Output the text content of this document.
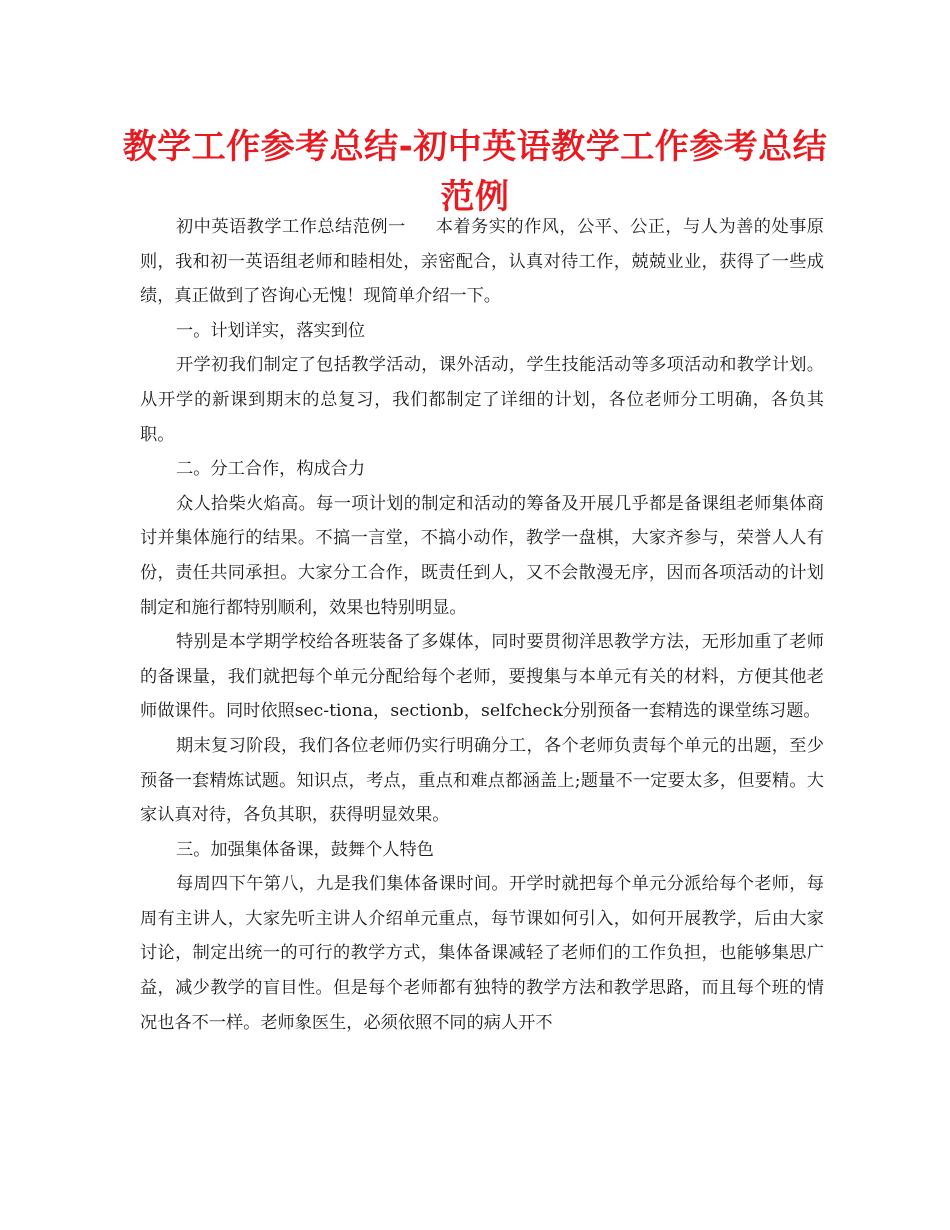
教学工作参考总结-初中英语教学工作参考总结范例

初中英语教学工作总结范例一 本着务实的作风，公平、公正，与人为善的处事原则，我和初一英语组老师和睦相处，亲密配合，认真对待工作，兢兢业业，获得了一些成绩，真正做到了咨询心无愧！现简单介绍一下。

一。计划详实，落实到位

开学初我们制定了包括教学活动，课外活动，学生技能活动等多项活动和教学计划。从开学的新课到期末的总复习，我们都制定了详细的计划，各位老师分工明确，各负其职。

二。分工合作，构成合力

众人拾柴火焰高。每一项计划的制定和活动的筹备及开展几乎都是备课组老师集体商讨并集体施行的结果。不搞一言堂，不搞小动作，教学一盘棋，大家齐参与，荣誉人人有份，责任共同承担。大家分工合作，既责任到人，又不会散漫无序，因而各项活动的计划制定和施行都特别顺利，效果也特别明显。

特别是本学期学校给各班装备了多媒体，同时要贯彻洋思教学方法，无形加重了老师的备课量，我们就把每个单元分配给每个老师，要搜集与本单元有关的材料，方便其他老师做课件。同时依照sec-tiona，sectionb，selfcheck分别预备一套精选的课堂练习题。

期末复习阶段，我们各位老师仍实行明确分工，各个老师负责每个单元的出题，至少预备一套精炼试题。知识点，考点，重点和难点都涵盖上;题量不一定要太多，但要精。大家认真对待，各负其职，获得明显效果。

三。加强集体备课，鼓舞个人特色

每周四下午第八，九是我们集体备课时间。开学时就把每个单元分派给每个老师，每周有主讲人，大家先听主讲人介绍单元重点，每节课如何引入，如何开展教学，后由大家讨论，制定出统一的可行的教学方式，集体备课减轻了老师们的工作负担，也能够集思广益，减少教学的盲目性。但是每个老师都有独特的教学方法和教学思路，而且每个班的情况也各不一样。老师象医生，必须依照不同的病人开不
